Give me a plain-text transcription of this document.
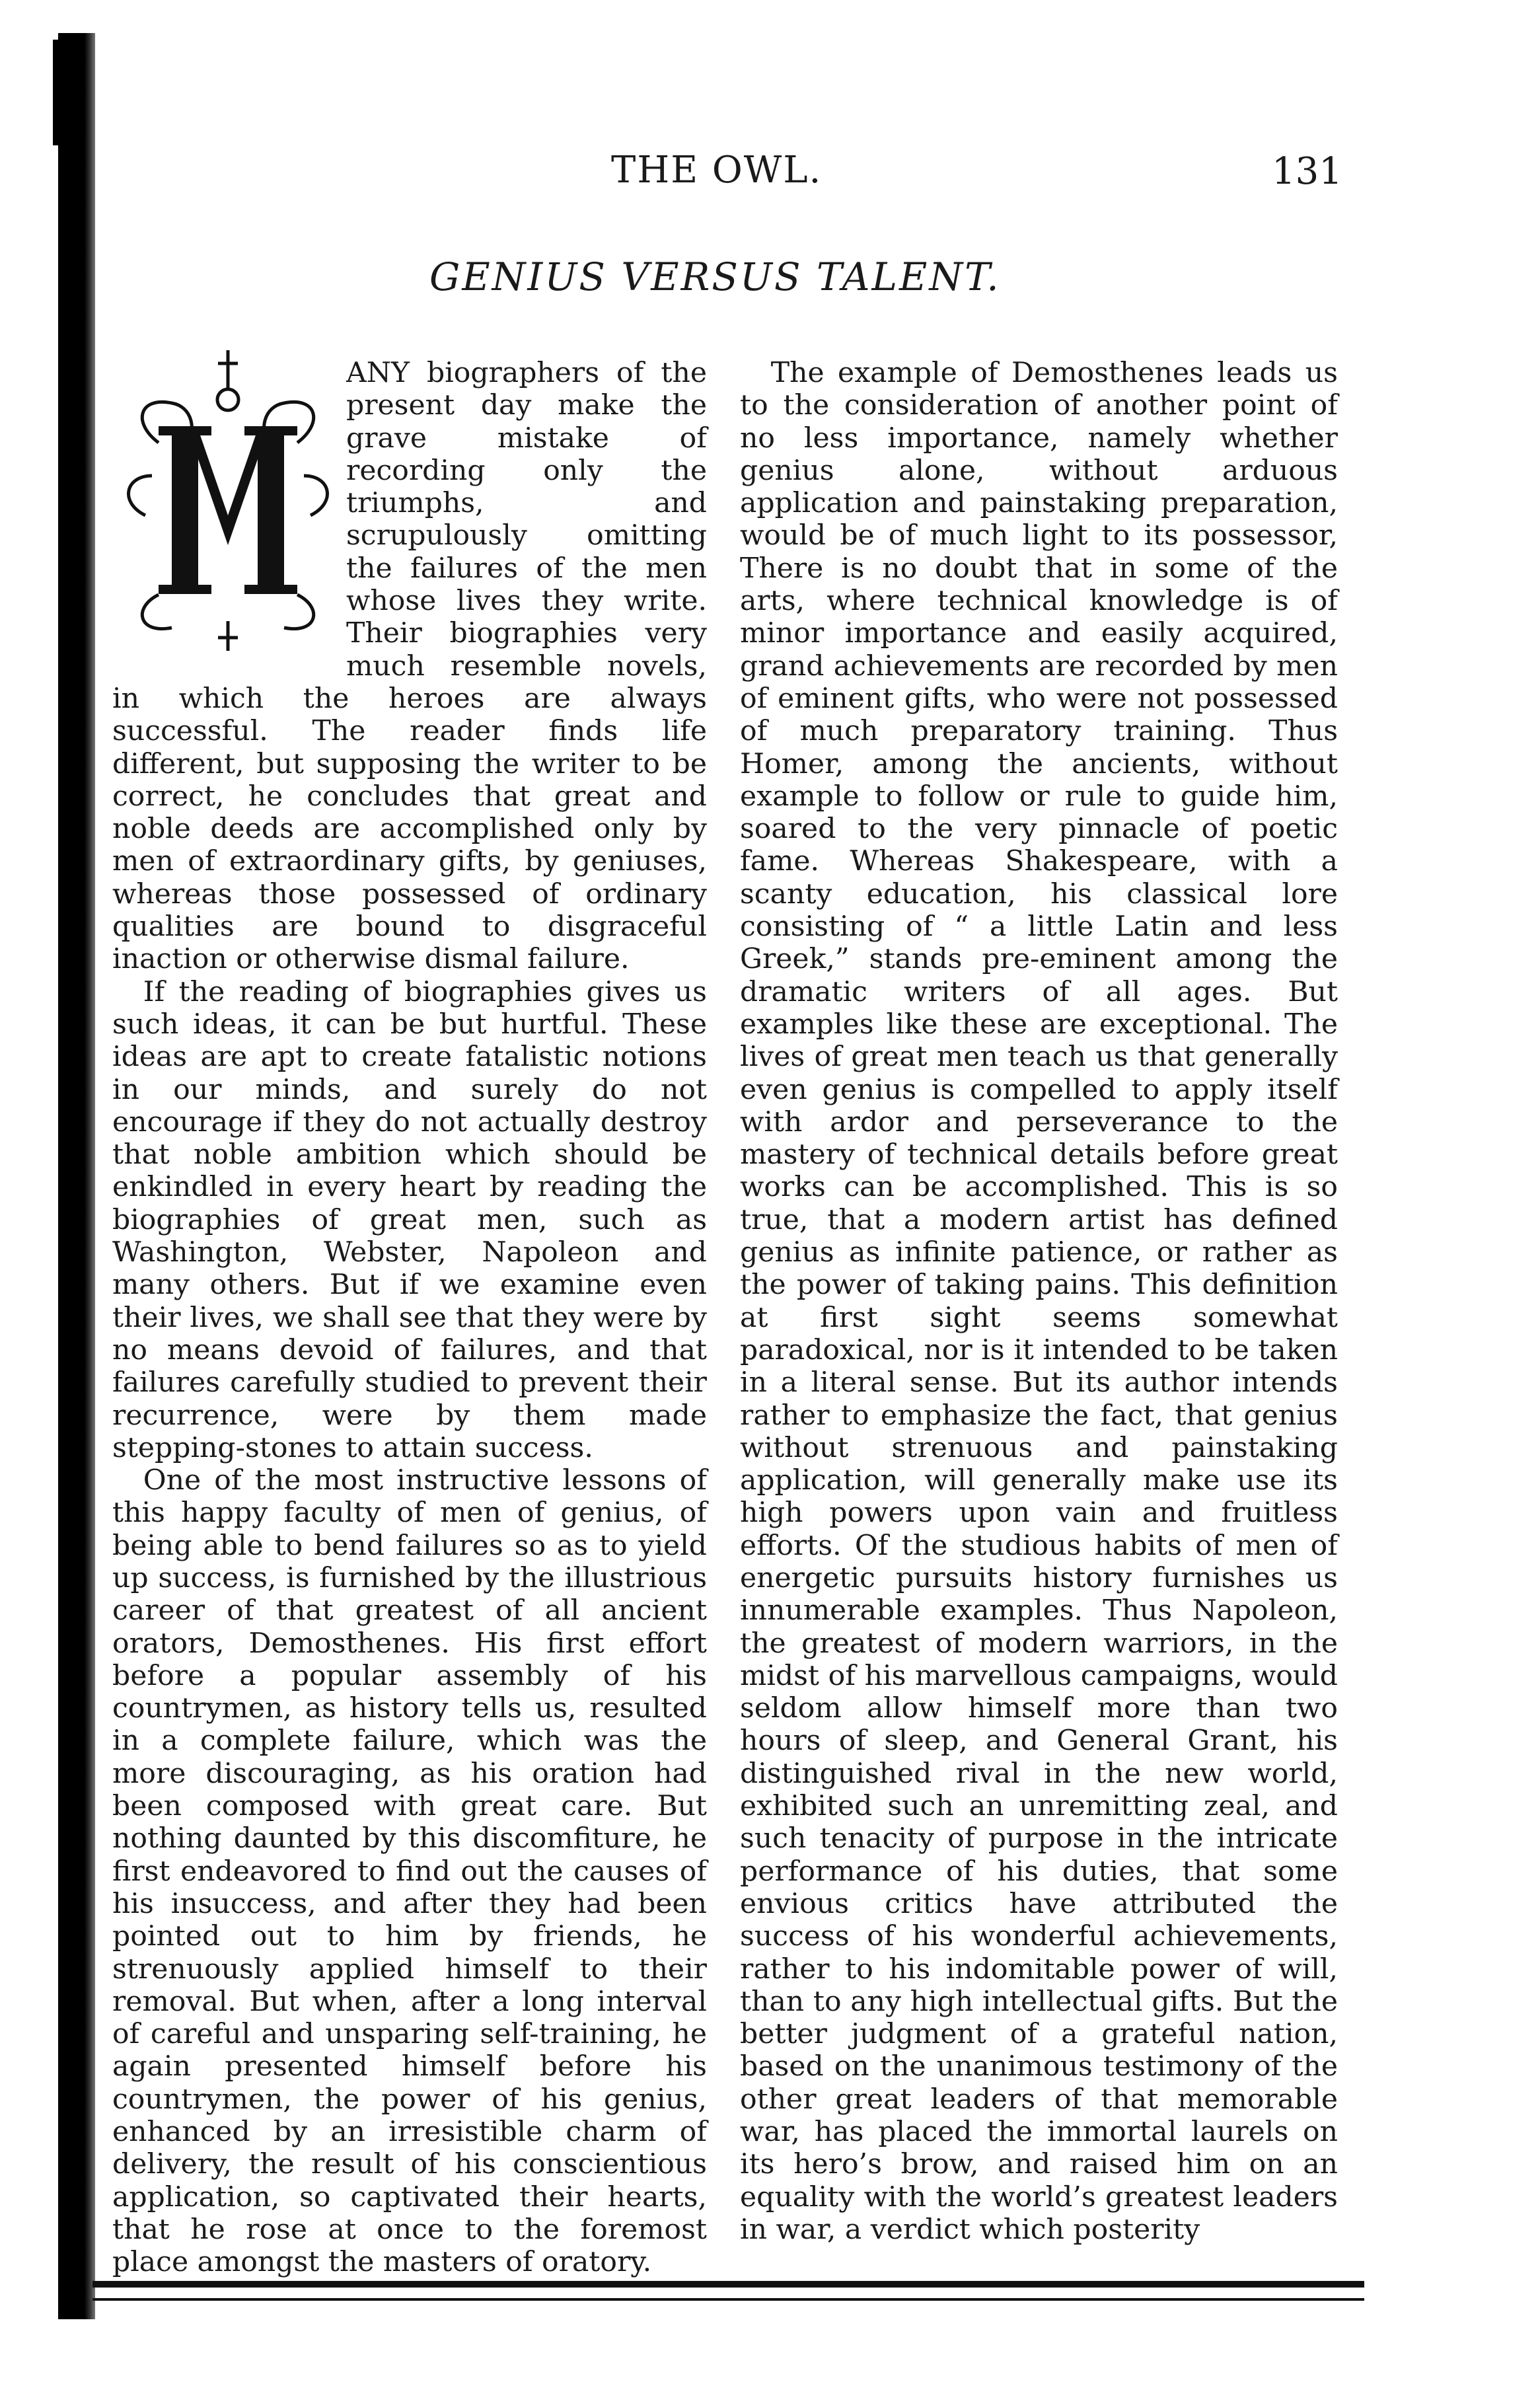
THE OWL.	131
GENIUS VERSUS TALENT.

ANY biographers of the present day make the grave mistake of recording only the triumphs, and scrupulously omitting the failures of the men whose lives they write. Their biographies very much resemble novels, in which the heroes are always successful. The reader finds life different, but supposing the writer to be correct, he concludes that great and noble deeds are accomplished only by men of extraordinary gifts, by geniuses, whereas those possessed of ordinary qualities are bound to disgraceful inaction or otherwise dismal failure.

If the reading of biographies gives us such ideas, it can be but hurtful. These ideas are apt to create fatalistic notions in our minds, and surely do not encourage if they do not actually destroy that noble ambition which should be enkindled in every heart by reading the biographies of great men, such as Washington, Webster, Napoleon and many others. But if we examine even their lives, we shall see that they were by no means devoid of failures, and that failures carefully studied to prevent their recurrence, were by them made stepping-stones to attain success.

One of the most instructive lessons of this happy faculty of men of genius, of being able to bend failures so as to yield up success, is furnished by the illustrious career of that greatest of all ancient orators, Demosthenes. His first effort before a popular assembly of his countrymen, as history tells us, resulted in a complete failure, which was the more discouraging, as his oration had been composed with great care. But nothing daunted by this discomfiture, he first endeavored to find out the causes of his insuccess, and after they had been pointed out to him by friends, he strenuously applied himself to their removal. But when, after a long interval of careful and unsparing self-training, he again presented himself before his countrymen, the power of his genius, enhanced by an irresistible charm of delivery, the result of his conscientious application, so captivated their hearts, that he rose at once to the foremost place amongst the masters of oratory.

The example of Demosthenes leads us to the consideration of another point of no less importance, namely whether genius alone, without arduous application and painstaking preparation, would be of much light to its possessor, There is no doubt that in some of the arts, where technical knowledge is of minor importance and easily acquired, grand achievements are recorded by men of eminent gifts, who were not possessed of much preparatory training. Thus Homer, among the ancients, without example to follow or rule to guide him, soared to the very pinnacle of poetic fame. Whereas Shakespeare, with a scanty education, his classical lore consisting of “ a little Latin and less Greek,” stands pre-eminent among the dramatic writers of all ages. But examples like these are exceptional. The lives of great men teach us that generally even genius is compelled to apply itself with ardor and perseverance to the mastery of technical details before great works can be accomplished. This is so true, that a modern artist has defined genius as infinite patience, or rather as the power of taking pains. This definition at first sight seems somewhat paradoxical, nor is it intended to be taken in a literal sense. But its author intends rather to emphasize the fact, that genius without strenuous and painstaking application, will generally make use its high powers upon vain and fruitless efforts. Of the studious habits of men of energetic pursuits history furnishes us innumerable examples. Thus Napoleon, the greatest of modern warriors, in the midst of his marvellous campaigns, would seldom allow himself more than two hours of sleep, and General Grant, his distinguished rival in the new world, exhibited such an unremitting zeal, and such tenacity of purpose in the intricate performance of his duties, that some envious critics have attributed the success of his wonderful achievements, rather to his indomitable power of will, than to any high intellectual gifts. But the better judgment of a grateful nation, based on the unanimous testimony of the other great leaders of that memorable war, has placed the immortal laurels on its hero’s brow, and raised him on an equality with the world’s greatest leaders in war, a verdict which posterity
